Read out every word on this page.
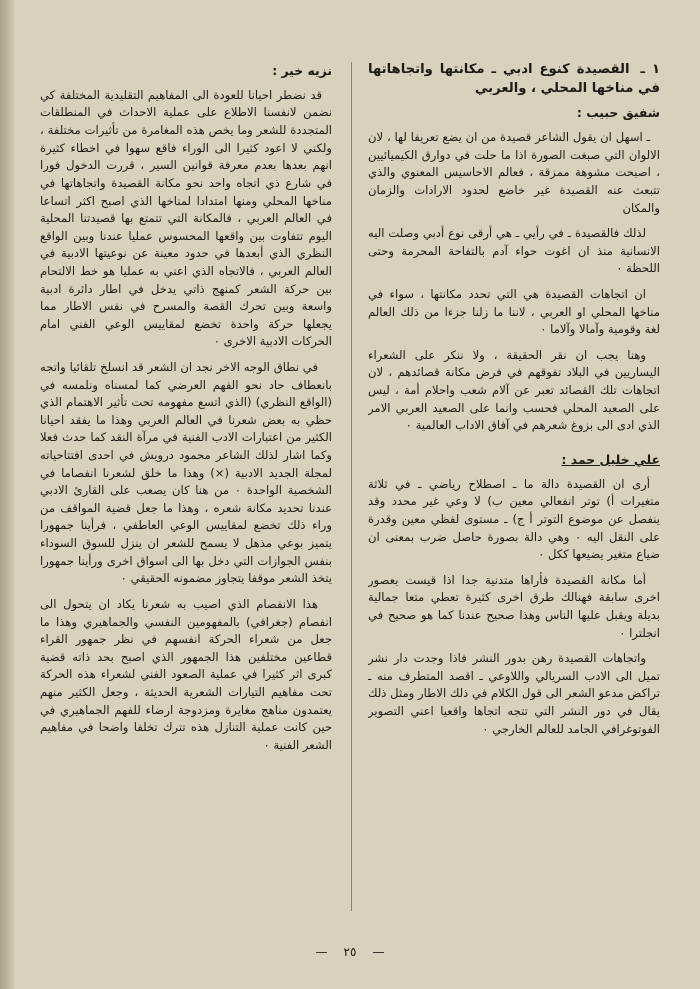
١ ـ القصيدة كنوع ادبي ـ مكانتها واتجاهاتها في مناخها المحلي ، والعربي
شفيق حبيب :

ـ اسهل ان يقول الشاعر قصيدة من ان يضع تعريفا لها ، لان الالوان التي صبغت الصورة اذا ما حلت في دوارق الكيميائيين ، اصبحت مشوهة ممزقة ، فعالم الاحاسيس المعنوي والذي تتبعث عنه القصيدة غير خاضع لحدود الارادات والزمان والمكان

لذلك فالقصيدة ـ في رأيي ـ هي أرقى نوع أدبي وصلت اليه الانسانية منذ ان اغوت حواء آدم بالتفاحة المحرمة وحتى اللحظة ٠

ان اتجاهات القصيدة هي التي تحدد مكانتها ، سواء في مناخها المحلي او العربي ، لاننا ما زلنا جزءا من ذلك العالم لغة وقومية وآمالا وآلاما ٠

وهنا يجب ان نقر الحقيقة ، ولا ننكر على الشعراء اليساريين في البلاد تفوقهم في فرض مكانة قصائدهم ، لان اتجاهات تلك القصائد تعبر عن آلام شعب واحلام أمة ، ليس على الصعيد المحلي فحسب وانما على الصعيد العربي الامر الذي ادى الى بزوغ شعرهم في آفاق الاداب العالمية ٠

علي خليل حمد :

أرى ان القصيدة دالة ما ـ اصطلاح رياضي ـ في ثلاثة متغيرات أ) توتر انفعالي معين ب) لا وعي غير محدد وقد ينفصل عن موضوع التوتر أ ج) ـ مستوى لفظي معين وقدرة على النقل اليه ٠ وهي دالة بصورة حاصل ضرب بمعنى ان ضياع متغير يضيعها ككل ٠

أما مكانة القصيدة فأراها متدنية جدا اذا قيست بعصور اخرى سابقة فهنالك طرق اخرى كثيرة تعطي متعا جمالية بديلة ويقبل عليها الناس وهذا صحيح عندنا كما هو صحيح في انجلترا ٠

واتجاهات القصيدة رهن بدور النشر فاذا وجدت دار نشر تميل الى الادب السريالي واللاوعي ـ اقصد المتطرف منه ـ تراكض مدعو الشعر الى قول الكلام في ذلك الاطار ومثل ذلك يقال في دور النشر التي تتجه اتجاها واقعيا اعني التصوير الفوتوغرافي الجامد للعالم الخارجي ٠

نزيه خير :

قد نضطر احيانا للعودة الى المفاهيم التقليدية المختلفة كي نضمن لانفسنا الاطلاع على عملية الاحداث في المنطلقات المتجددة للشعر وما يخص هذه المغامرة من تأثيرات مختلفة ، ولكني لا اعود كثيرا الى الوراء فاقع سهوا في اخطاء كثيرة انهم بعدها بعدم معرفة قوانين السير ، قررت الدخول فورا في شارع ذي اتجاه واحد نحو مكانة القصيدة واتجاهاتها في مناخها المحلي ومنها امتدادا لمناخها الذي اصبح اكثر اتساعا في العالم العربي ، فالمكانة التي تتمتع بها قصيدتنا المحلية اليوم تتفاوت بين واقعها المحسوس عمليا عندنا وبين الواقع النظري الذي أبعدها في حدود معينة عن نوعيتها الادبية في العالم العربي ، فالاتجاه الذي اعني به عمليا هو خط الالتحام بين حركة الشعر كمنهج ذاتي يدخل في اطار دائرة ادبية واسعة وبين تحرك القصة والمسرح في نفس الاطار مما يجعلها حركة واحدة تخضع لمقاييس الوعي الفني امام الحركات الادبية الاخرى ٠

في نطاق الوجه الاخر نجد ان الشعر قد انسلخ تلقائيا واتجه بانعطاف حاد نحو الفهم العرضي كما لمسناه ونلمسه في (الواقع النظري) (الذي اتسع مفهومه تحت تأثير الاهتمام الذي حظي به بعض شعرنا في العالم العربي وهذا ما يفقد احيانا الكثير من اعتبارات الادب الفنية في مرآة النقد كما حدث فعلا وكما اشار لذلك الشاعر محمود درويش في احدى افتتاحياته لمجلة الجديد الادبية (×) وهذا ما خلق لشعرنا انفصاما في الشخصية الواحدة ٠ من هنا كان يصعب على القارئ الادبي عندنا تحديد مكانة شعره ، وهذا ما جعل قضية المواقف من وراء ذلك تخضع لمقاييس الوعي العاطفي ، فرأينا جمهورا يتميز بوعي مذهل لا يسمح للشعر ان ينزل للسوق السوداء بنفس الجوازات التي دخل بها الى اسواق اخرى ورأينا جمهورا يتخذ الشعر موقفا يتجاوز مضمونه الحقيقي ٠

هذا الانفصام الذي اصيب به شعرنا يكاد ان يتحول الى انفصام (جغرافي) بالمفهومين النفسي والجماهيري وهذا ما جعل من شعراء الحركة انفسهم في نظر جمهور القراء قطاعين مختلفين هذا الجمهور الذي اصبح بحد ذاته قضية كبرى اثر كثيرا في عملية الصعود الفني لشعراء هذه الحركة تحت مفاهيم التيارات الشعرية الحديثة ، وجعل الكثير منهم يعتمدون مناهج مغايرة ومزدوجة ارضاء للفهم الجماهيري في حين كانت عملية التنازل هذه تترك تخلفا واضحا في مفاهيم الشعر الفنية ٠

—٢٥—
